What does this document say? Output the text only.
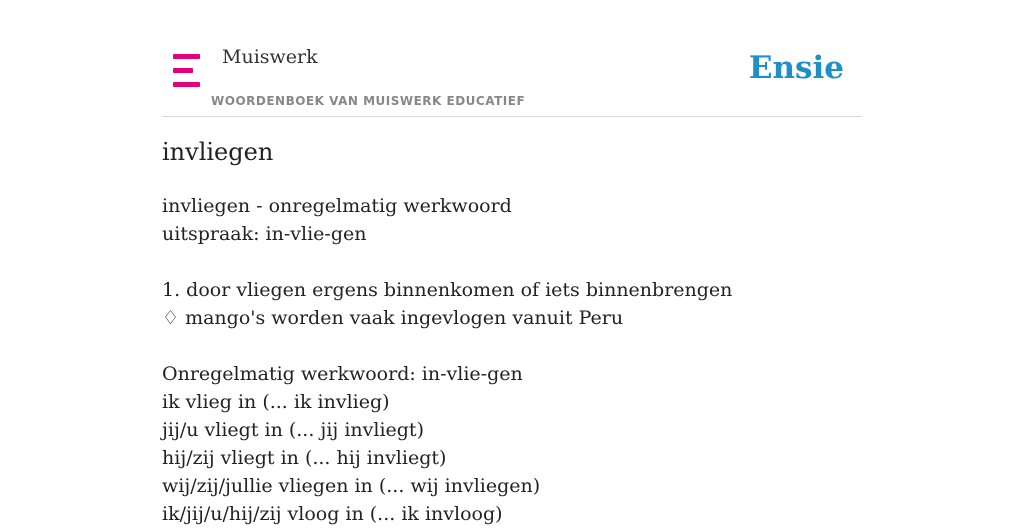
Muiswerk
WOORDENBOEK VAN MUISWERK EDUCATIEF
Ensie
invliegen
invliegen - onregelmatig werkwoord
uitspraak: in-vlie-gen
1. door vliegen ergens binnenkomen of iets binnenbrengen
♢ mango's worden vaak ingevlogen vanuit Peru
Onregelmatig werkwoord: in-vlie-gen
ik vlieg in (... ik invlieg)
jij/u vliegt in (... jij invliegt)
hij/zij vliegt in (... hij invliegt)
wij/zij/jullie vliegen in (... wij invliegen)
ik/jij/u/hij/zij vloog in (... ik invloog)
